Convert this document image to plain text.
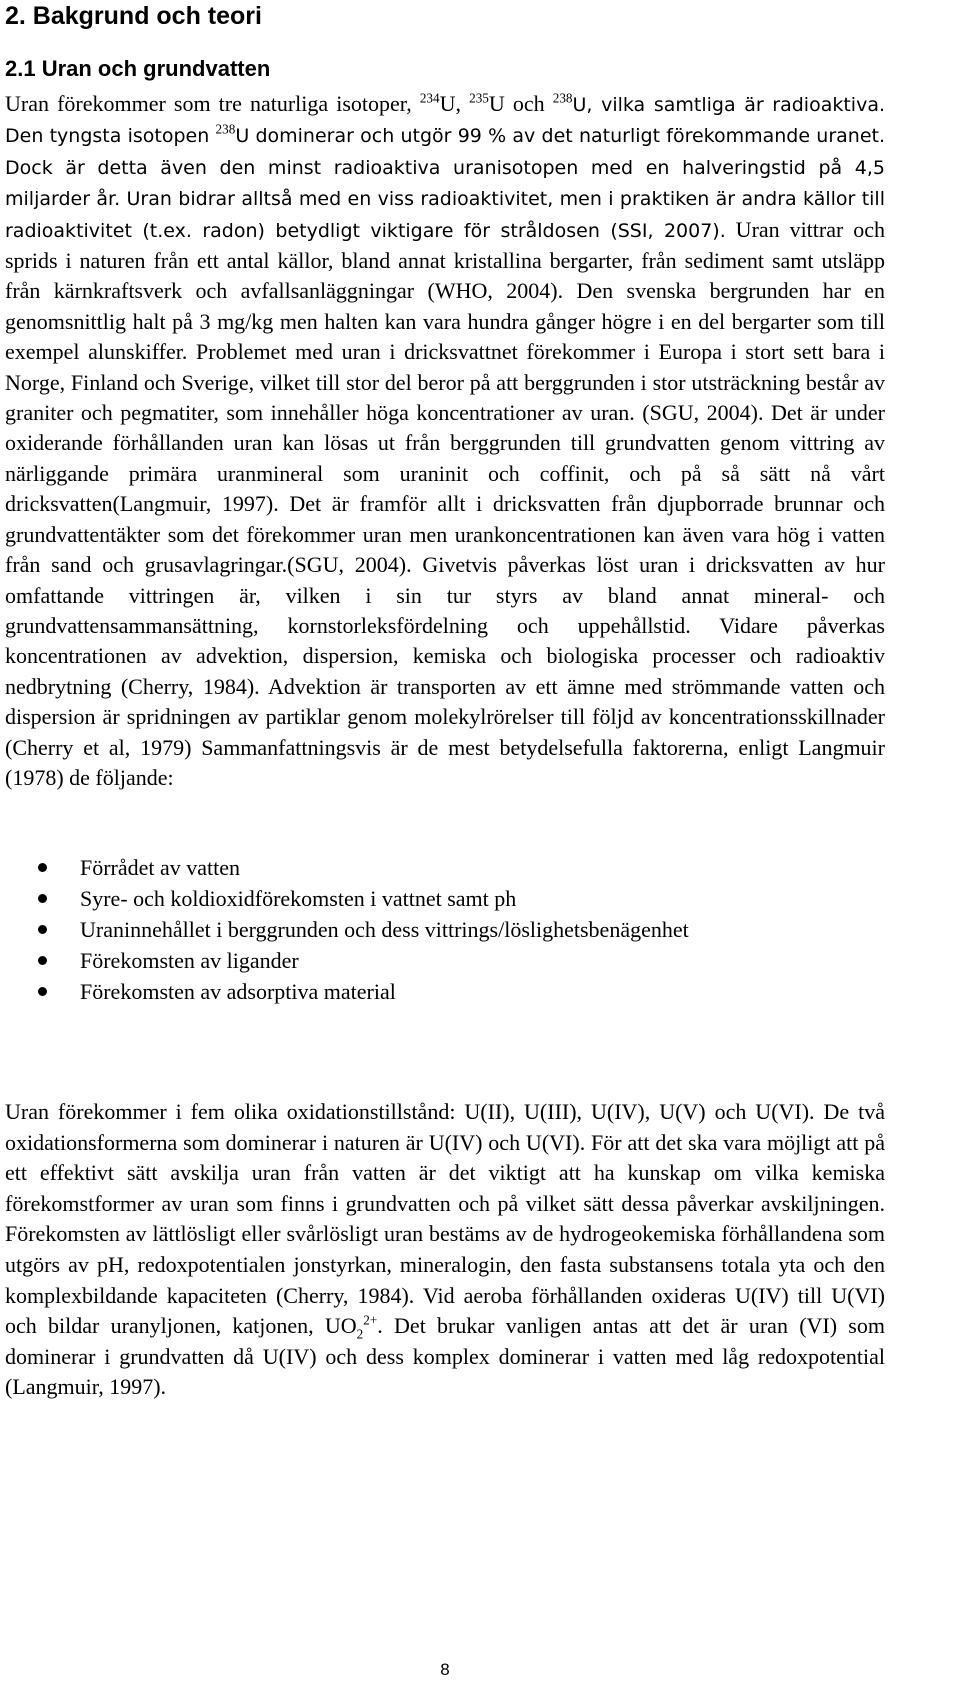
2. Bakgrund och teori
2.1 Uran och grundvatten

Uran förekommer som tre naturliga isotoper, $^{234}$U, $^{235}$U och $^{238}$U, vilka samtliga är radioaktiva. Den tyngsta isotopen $^{238}$U dominerar och utgör 99 % av det naturligt förekommande uranet. Dock är detta även den minst radioaktiva uranisotopen med en halveringstid på 4,5 miljarder år. Uran bidrar alltså med en viss radioaktivitet, men i praktiken är andra källor till radioaktivitet (t.ex. radon) betydligt viktigare för stråldosen (SSI, 2007). Uran vittrar och sprids i naturen från ett antal källor, bland annat kristallina bergarter, från sediment samt utsläpp från kärnkraftsverk och avfallsanläggningar (WHO, 2004). Den svenska bergrunden har en genomsnittlig halt på 3 mg/kg men halten kan vara hundra gånger högre i en del bergarter som till exempel alunskiffer. Problemet med uran i dricksvattnet förekommer i Europa i stort sett bara i Norge, Finland och Sverige, vilket till stor del beror på att berggrunden i stor utsträckning består av graniter och pegmatiter, som innehåller höga koncentrationer av uran. (SGU, 2004). Det är under oxiderande förhållanden uran kan lösas ut från berggrunden till grundvatten genom vittring av närliggande primära uranmineral som uraninit och coffinit, och på så sätt nå vårt dricksvatten(Langmuir, 1997). Det är framför allt i dricksvatten från djupborrade brunnar och grundvattentäkter som det förekommer uran men urankoncentrationen kan även vara hög i vatten från sand och grusavlagringar.(SGU, 2004). Givetvis påverkas löst uran i dricksvatten av hur omfattande vittringen är, vilken i sin tur styrs av bland annat mineral- och grundvattensammansättning, kornstorleksfördelning och uppehållstid. Vidare påverkas koncentrationen av advektion, dispersion, kemiska och biologiska processer och radioaktiv nedbrytning (Cherry, 1984). Advektion är transporten av ett ämne med strömmande vatten och dispersion är spridningen av partiklar genom molekylrörelser till följd av koncentrationsskillnader (Cherry et al, 1979) Sammanfattningsvis är de mest betydelsefulla faktorerna, enligt Langmuir (1978) de följande:

Förrådet av vatten
Syre- och koldioxidförekomsten i vattnet samt ph
Uraninnehållet i berggrunden och dess vittrings/löslighetsbenägenhet
Förekomsten av ligander
Förekomsten av adsorptiva material

Uran förekommer i fem olika oxidationstillstånd: U(II), U(III), U(IV), U(V) och U(VI). De två oxidationsformerna som dominerar i naturen är U(IV) och U(VI). För att det ska vara möjligt att på ett effektivt sätt avskilja uran från vatten är det viktigt att ha kunskap om vilka kemiska förekomstformer av uran som finns i grundvatten och på vilket sätt dessa påverkar avskiljningen. Förekomsten av lättlösligt eller svårlösligt uran bestäms av de hydrogeokemiska förhållandena som utgörs av pH, redoxpotentialen jonstyrkan, mineralogin, den fasta substansens totala yta och den komplexbildande kapaciteten (Cherry, 1984). Vid aeroba förhållanden oxideras U(IV) till U(VI) och bildar uranyljonen, katjonen, $UO_2^{2+}$. Det brukar vanligen antas att det är uran (VI) som dominerar i grundvatten då U(IV) och dess komplex dominerar i vatten med låg redoxpotential (Langmuir, 1997).

8
